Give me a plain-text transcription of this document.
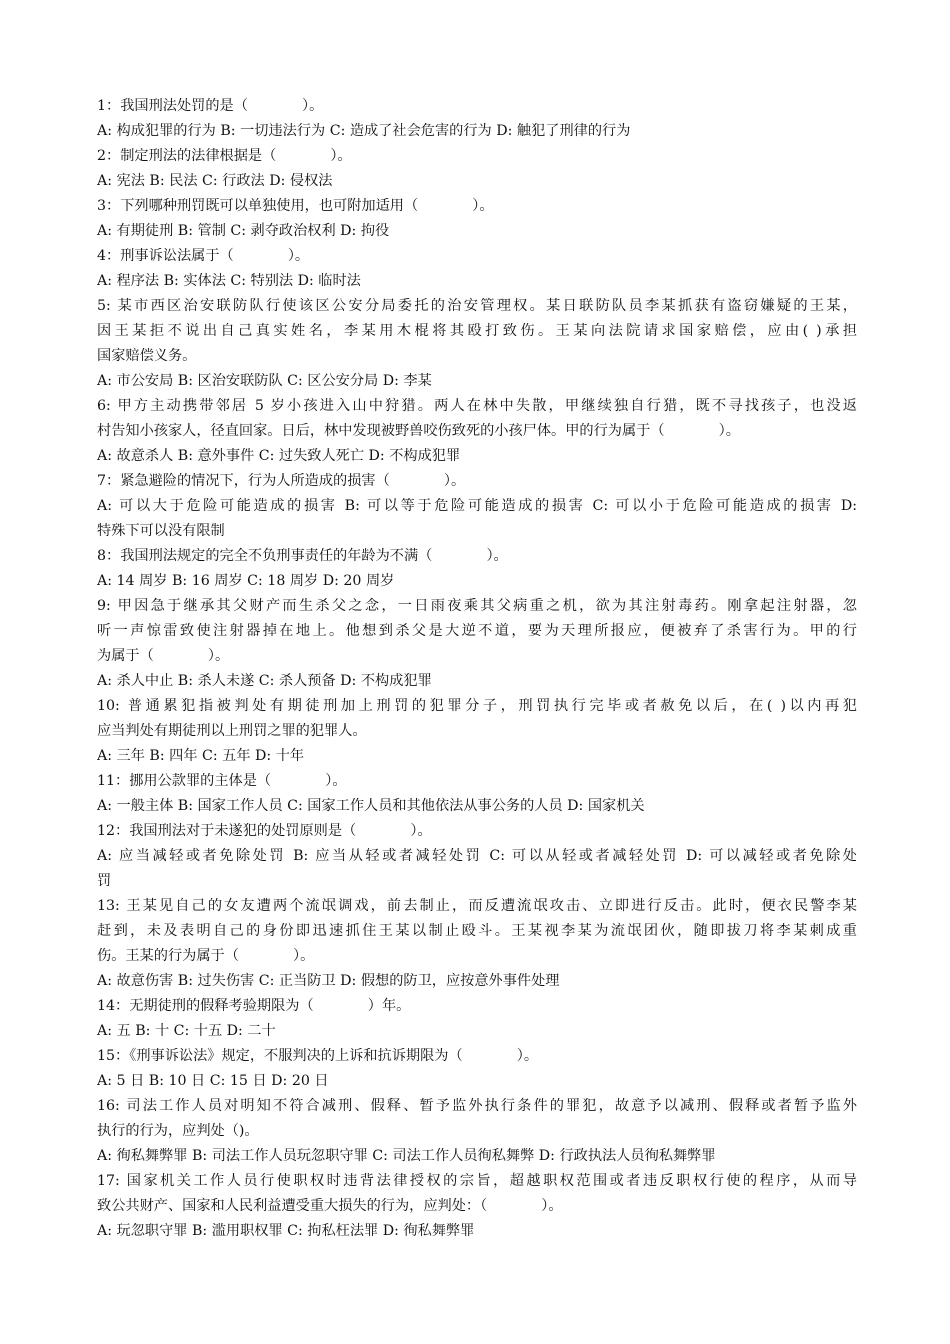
1：我国刑法处罚的是（            ）。
A: 构成犯罪的行为 B: 一切违法行为 C: 造成了社会危害的行为 D: 触犯了刑律的行为
2：制定刑法的法律根据是（            ）。
A: 宪法 B: 民法 C: 行政法 D: 侵权法
3：下列哪种刑罚既可以单独使用，也可附加适用（            ）。
A: 有期徒刑 B: 管制 C: 剥夺政治权利 D: 拘役
4：刑事诉讼法属于（            ）。
A: 程序法 B: 实体法 C: 特别法 D: 临时法
5: 某市西区治安联防队行使该区公安分局委托的治安管理权。某日联防队员李某抓获有盗窃嫌疑的王某，
因王某拒不说出自己真实姓名，李某用木棍将其殴打致伤。王某向法院请求国家赔偿，应由( )承担
国家赔偿义务。
A: 市公安局 B: 区治安联防队 C: 区公安分局 D: 李某
6: 甲方主动携带邻居 5 岁小孩进入山中狩猎。两人在林中失散，甲继续独自行猎，既不寻找孩子，也没返
村告知小孩家人，径直回家。日后，林中发现被野兽咬伤致死的小孩尸体。甲的行为属于（            ）。
A: 故意杀人 B: 意外事件 C: 过失致人死亡 D: 不构成犯罪
7：紧急避险的情况下，行为人所造成的损害（            ）。
A: 可以大于危险可能造成的损害 B: 可以等于危险可能造成的损害 C: 可以小于危险可能造成的损害 D:
特殊下可以没有限制
8：我国刑法规定的完全不负刑事责任的年龄为不满（            ）。
A: 14 周岁 B: 16 周岁 C: 18 周岁 D: 20 周岁
9: 甲因急于继承其父财产而生杀父之念，一日雨夜乘其父病重之机，欲为其注射毒药。刚拿起注射器，忽
听一声惊雷致使注射器掉在地上。他想到杀父是大逆不道，要为天理所报应，便被弃了杀害行为。甲的行
为属于（            ）。
A: 杀人中止 B: 杀人未遂 C: 杀人预备 D: 不构成犯罪
10: 普通累犯指被判处有期徒刑加上刑罚的犯罪分子，刑罚执行完毕或者赦免以后，在( )以内再犯
应当判处有期徒刑以上刑罚之罪的犯罪人。
A: 三年 B: 四年 C: 五年 D: 十年
11：挪用公款罪的主体是（            ）。
A: 一般主体 B: 国家工作人员 C: 国家工作人员和其他依法从事公务的人员 D: 国家机关
12：我国刑法对于未遂犯的处罚原则是（            ）。
A: 应当减轻或者免除处罚 B: 应当从轻或者减轻处罚 C: 可以从轻或者减轻处罚 D: 可以减轻或者免除处
罚
13: 王某见自己的女友遭两个流氓调戏，前去制止，而反遭流氓攻击、立即进行反击。此时，便衣民警李某
赶到，未及表明自己的身份即迅速抓住王某以制止殴斗。王某视李某为流氓团伙，随即拔刀将李某刺成重
伤。王某的行为属于（            ）。
A: 故意伤害 B: 过失伤害 C: 正当防卫 D: 假想的防卫，应按意外事件处理
14：无期徒刑的假释考验期限为（            ）年。
A: 五 B: 十 C: 十五 D: 二十
15：《刑事诉讼法》规定，不服判决的上诉和抗诉期限为（            ）。
A: 5 日 B: 10 日 C: 15 日 D: 20 日
16: 司法工作人员对明知不符合减刑、假释、暂予监外执行条件的罪犯，故意予以减刑、假释或者暂予监外
执行的行为，应判处（)。
A: 徇私舞弊罪 B: 司法工作人员玩忽职守罪 C: 司法工作人员徇私舞弊 D: 行政执法人员徇私舞弊罪
17: 国家机关工作人员行使职权时违背法律授权的宗旨，超越职权范围或者违反职权行使的程序，从而导
致公共财产、国家和人民利益遭受重大损失的行为，应判处：（            ）。
A: 玩忽职守罪 B: 滥用职权罪 C: 拘私枉法罪 D: 徇私舞弊罪
